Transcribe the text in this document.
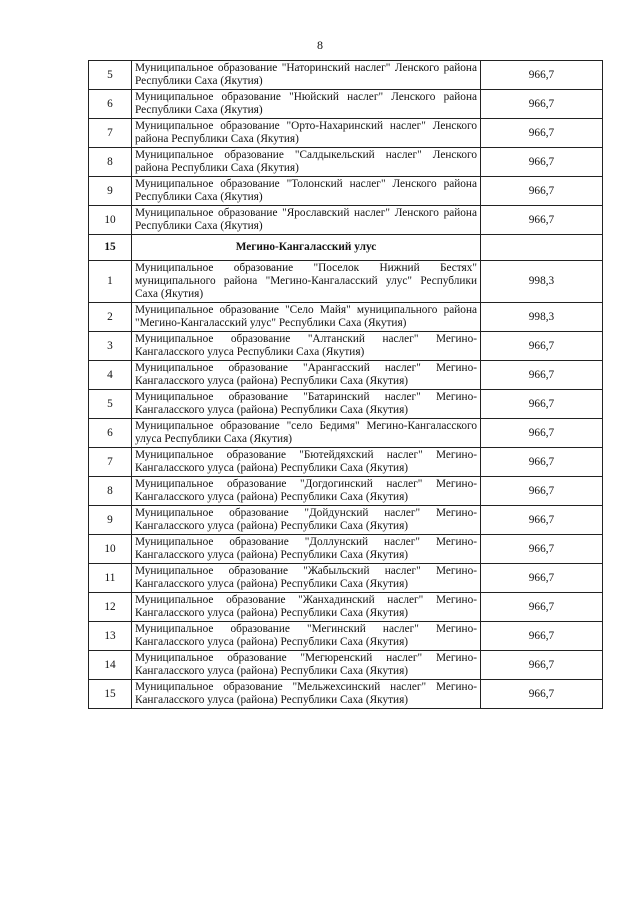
8
5	Муниципальное образование "Наторинский наслег" Ленского района Республики Саха (Якутия)	966,7
6	Муниципальное образование "Нюйский наслег" Ленского района Республики Саха (Якутия)	966,7
7	Муниципальное образование "Орто-Нахаринский наслег" Ленского района Республики Саха (Якутия)	966,7
8	Муниципальное образование "Салдыкельский наслег" Ленского района Республики Саха (Якутия)	966,7
9	Муниципальное образование "Толонский наслег" Ленского района Республики Саха (Якутия)	966,7
10	Муниципальное образование "Ярославский наслег" Ленского района Республики Саха (Якутия)	966,7
15	Мегино-Кангаласский улус	
1	Муниципальное образование "Поселок Нижний Бестях" муниципального района "Мегино-Кангаласский улус" Республики Саха (Якутия)	998,3
2	Муниципальное образование "Село Майя" муниципального района "Мегино-Кангаласский улус" Республики Саха (Якутия)	998,3
3	Муниципальное образование "Алтанский наслег" Мегино-Кангаласского улуса Республики Саха (Якутия)	966,7
4	Муниципальное образование "Арангасский наслег" Мегино-Кангаласского улуса (района) Республики Саха (Якутия)	966,7
5	Муниципальное образование "Батаринский наслег" Мегино-Кангаласского улуса (района) Республики Саха (Якутия)	966,7
6	Муниципальное образование "село Бедимя" Мегино-Кангаласского улуса Республики Саха (Якутия)	966,7
7	Муниципальное образование "Бютейдяхский наслег" Мегино-Кангаласского улуса (района) Республики Саха (Якутия)	966,7
8	Муниципальное образование "Догдогинский наслег" Мегино-Кангаласского улуса (района) Республики Саха (Якутия)	966,7
9	Муниципальное образование "Дойдунский наслег" Мегино-Кангаласского улуса (района) Республики Саха (Якутия)	966,7
10	Муниципальное образование "Доллунский наслег" Мегино-Кангаласского улуса (района) Республики Саха (Якутия)	966,7
11	Муниципальное образование "Жабыльский наслег" Мегино-Кангаласского улуса (района) Республики Саха (Якутия)	966,7
12	Муниципальное образование "Жанхадинский наслег" Мегино-Кангаласского улуса (района) Республики Саха (Якутия)	966,7
13	Муниципальное образование "Мегинский наслег" Мегино-Кангаласского улуса (района) Республики Саха (Якутия)	966,7
14	Муниципальное образование "Мегюренский наслег" Мегино-Кангаласского улуса (района) Республики Саха (Якутия)	966,7
15	Муниципальное образование "Мельжехсинский наслег" Мегино-Кангаласского улуса (района) Республики Саха (Якутия)	966,7
